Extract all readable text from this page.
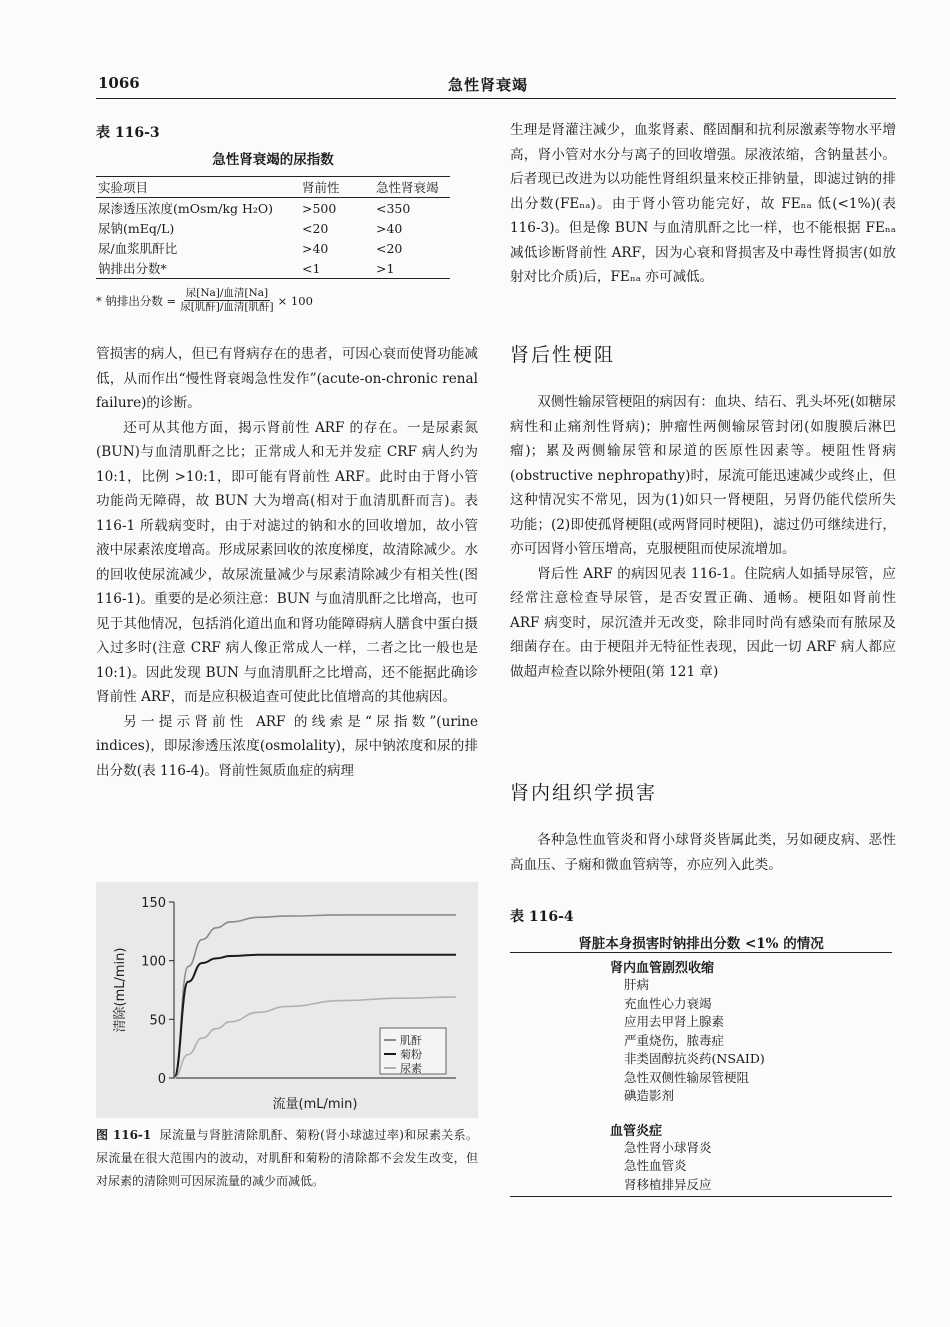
1066	急性肾衰竭
表 116-3
急性肾衰竭的尿指数
实验项目	肾前性	急性肾衰竭
尿渗透压浓度(mOsm/kg H₂O)	>500	<350
尿钠(mEq/L)	<20	>40
尿/血浆肌酐比	>40	<20
钠排出分数*	<1	>1
* 钠排出分数 =
尿[Na]/血清[Na]
尿[肌酐]/血清[肌酐] × 100

管损害的病人，但已有肾病存在的患者，可因心衰而使肾功能减低，从而作出“慢性肾衰竭急性发作”(acute-on-chronic renal failure)的诊断。

还可从其他方面，揭示肾前性 ARF 的存在。一是尿素氮(BUN)与血清肌酐之比；正常成人和无并发症 CRF 病人约为 10:1，比例 >10:1，即可能有肾前性 ARF。此时由于肾小管功能尚无障碍，故 BUN 大为增高(相对于血清肌酐而言)。表 116-1 所载病变时，由于对滤过的钠和水的回收增加，故小管液中尿素浓度增高。形成尿素回收的浓度梯度，故清除减少。水的回收使尿流减少，故尿流量减少与尿素清除减少有相关性(图 116-1)。重要的是必须注意：BUN 与血清肌酐之比增高，也可见于其他情况，包括消化道出血和肾功能障碍病人膳食中蛋白摄入过多时(注意 CRF 病人像正常成人一样，二者之比一般也是 10:1)。因此发现 BUN 与血清肌酐之比增高，还不能据此确诊肾前性 ARF，而是应积极追查可使此比值增高的其他病因。

另一提示肾前性 ARF 的线索是“尿指数”(urine indices)，即尿渗透压浓度(osmolality)，尿中钠浓度和尿的排出分数(表 116-4)。肾前性氮质血症的病理

0
50
100
150
清除(mL/min)
流量(mL/min)
肌酐
菊粉
尿素
图 116-1 尿流量与肾脏清除肌酐、菊粉(肾小球滤过率)和尿素关系。尿流量在很大范围内的波动，对肌酐和菊粉的清除都不会发生改变，但对尿素的清除则可因尿流量的减少而减低。

生理是肾灌注减少，血浆肾素、醛固酮和抗利尿激素等物水平增高，肾小管对水分与离子的回收增强。尿液浓缩，含钠量甚小。后者现已改进为以功能性肾组织量来校正排钠量，即滤过钠的排出分数(FEₙₐ)。由于肾小管功能完好，故 FEₙₐ 低(<1%)(表 116-3)。但是像 BUN 与血清肌酐之比一样，也不能根据 FEₙₐ 减低诊断肾前性 ARF，因为心衰和肾损害及中毒性肾损害(如放射对比介质)后，FEₙₐ 亦可减低。

肾后性梗阻

双侧性输尿管梗阻的病因有：血块、结石、乳头坏死(如糖尿病性和止痛剂性肾病)；肿瘤性两侧输尿管封闭(如腹膜后淋巴瘤)；累及两侧输尿管和尿道的医原性因素等。梗阻性肾病(obstructive nephropathy)时，尿流可能迅速减少或终止，但这种情况实不常见，因为(1)如只一肾梗阻，另肾仍能代偿所失功能；(2)即使孤肾梗阻(或两肾同时梗阻)，滤过仍可继续进行，亦可因肾小管压增高，克服梗阻而使尿流增加。

肾后性 ARF 的病因见表 116-1。住院病人如插导尿管，应经常注意检查导尿管，是否安置正确、通畅。梗阻如肾前性 ARF 病变时，尿沉渣并无改变，除非同时尚有感染而有脓尿及细菌存在。由于梗阻并无特征性表现，因此一切 ARF 病人都应做超声检查以除外梗阻(第 121 章)

肾内组织学损害

各种急性血管炎和肾小球肾炎皆属此类，另如硬皮病、恶性高血压、子痫和微血管病等，亦应列入此类。

表 116-4
肾脏本身损害时钠排出分数 <1% 的情况
肾内血管剧烈收缩
肝病
充血性心力衰竭
应用去甲肾上腺素
严重烧伤，脓毒症
非类固醇抗炎药(NSAID)
急性双侧性输尿管梗阻
碘造影剂
血管炎症
急性肾小球肾炎
急性血管炎
肾移植排异反应
